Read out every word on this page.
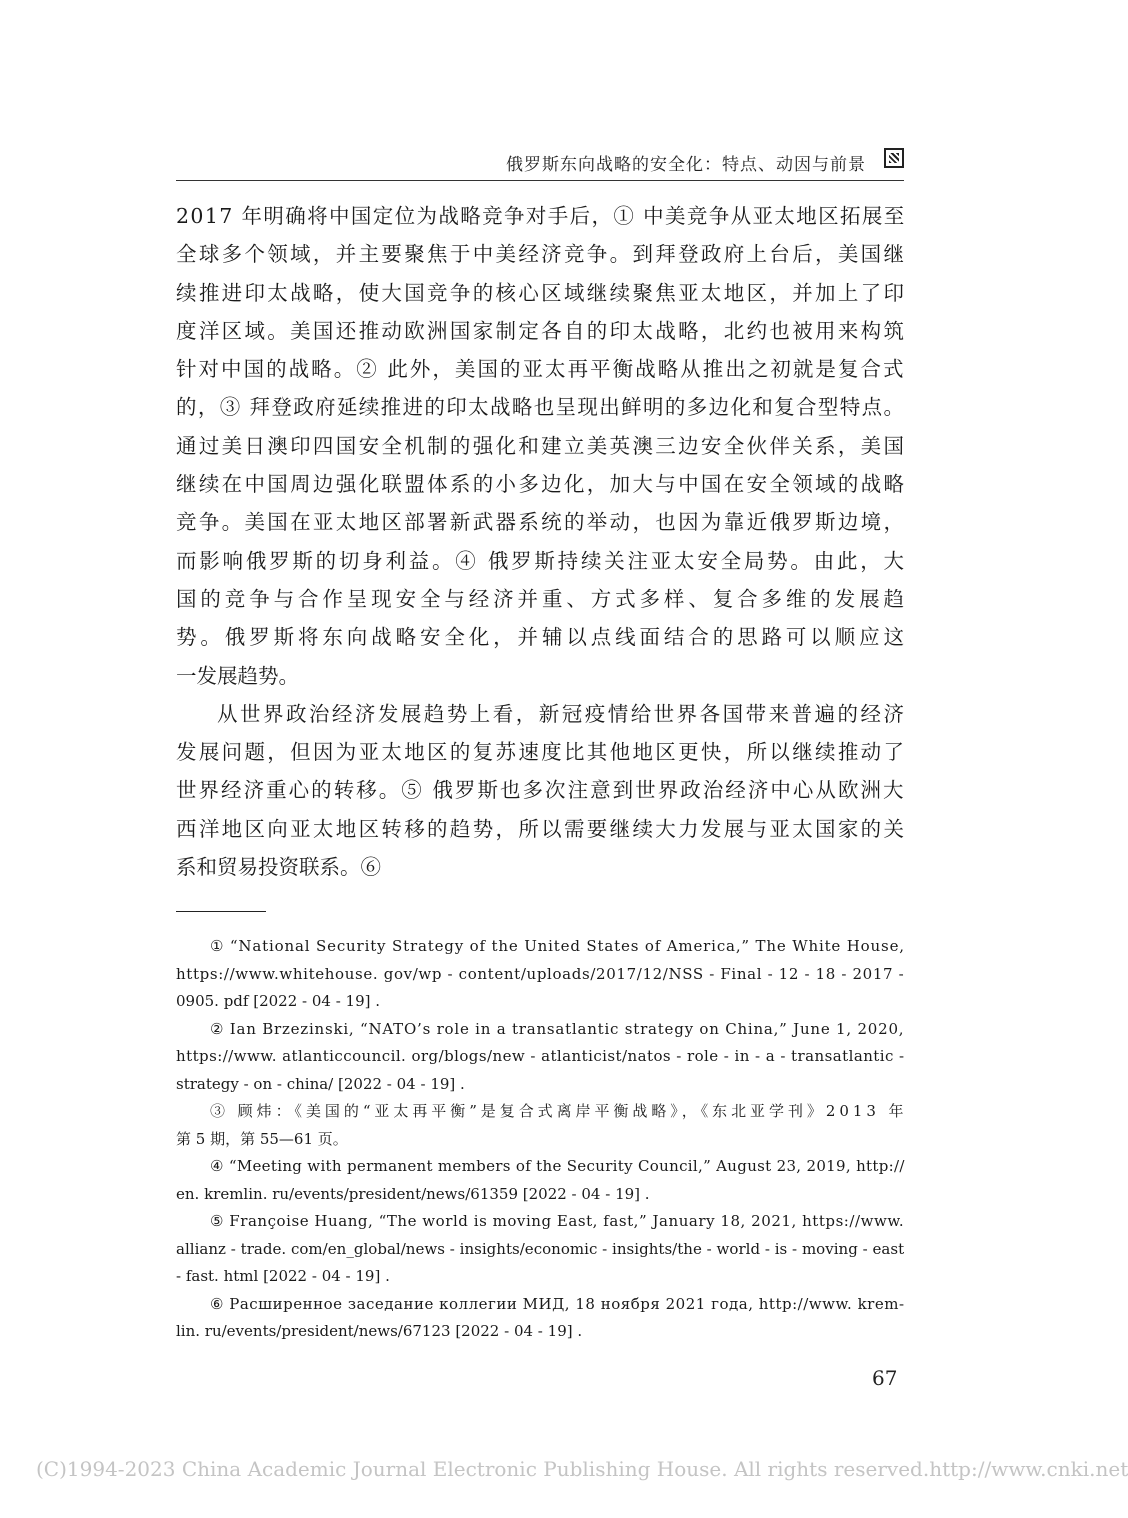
俄罗斯东向战略的安全化：特点、动因与前景
2017 年明确将中国定位为战略竞争对手后，① 中美竞争从亚太地区拓展至
全球多个领域，并主要聚焦于中美经济竞争。到拜登政府上台后，美国继
续推进印太战略，使大国竞争的核心区域继续聚焦亚太地区，并加上了印
度洋区域。美国还推动欧洲国家制定各自的印太战略，北约也被用来构筑
针对中国的战略。② 此外，美国的亚太再平衡战略从推出之初就是复合式
的，③ 拜登政府延续推进的印太战略也呈现出鲜明的多边化和复合型特点。
通过美日澳印四国安全机制的强化和建立美英澳三边安全伙伴关系，美国
继续在中国周边强化联盟体系的小多边化，加大与中国在安全领域的战略
竞争。美国在亚太地区部署新武器系统的举动，也因为靠近俄罗斯边境，
而影响俄罗斯的切身利益。④ 俄罗斯持续关注亚太安全局势。由此，大
国的竞争与合作呈现安全与经济并重、方式多样、复合多维的发展趋
势。俄罗斯将东向战略安全化，并辅以点线面结合的思路可以顺应这
一发展趋势。
从世界政治经济发展趋势上看，新冠疫情给世界各国带来普遍的经济
发展问题，但因为亚太地区的复苏速度比其他地区更快，所以继续推动了
世界经济重心的转移。⑤ 俄罗斯也多次注意到世界政治经济中心从欧洲大
西洋地区向亚太地区转移的趋势，所以需要继续大力发展与亚太国家的关
系和贸易投资联系。⑥
① “National Security Strategy of the United States of America,” The White House,
https://www.whitehouse. gov/wp - content/uploads/2017/12/NSS - Final - 12 - 18 - 2017 -
0905. pdf [2022 - 04 - 19] .
② Ian Brzezinski, “NATO’s role in a transatlantic strategy on China,” June 1, 2020,
https://www. atlanticcouncil. org/blogs/new - atlanticist/natos - role - in - a - transatlantic -
strategy - on - china/ [2022 - 04 - 19] .
③ 顾炜：《美国的“亚太再平衡”是复合式离岸平衡战略》，《东北亚学刊》2013 年
第 5 期，第 55—61 页。
④ “Meeting with permanent members of the Security Council,” August 23, 2019, http://
en. kremlin. ru/events/president/news/61359 [2022 - 04 - 19] .
⑤ Françoise Huang, “The world is moving East, fast,” January 18, 2021, https://www.
allianz - trade. com/en_global/news - insights/economic - insights/the - world - is - moving - east
- fast. html [2022 - 04 - 19] .
⑥ Расширенное заседание коллегии МИД, 18 ноября 2021 года, http://www. krem-
lin. ru/events/president/news/67123 [2022 - 04 - 19] .
67
(C)1994-2023 China Academic Journal Electronic Publishing House. All rights reserved. http://www.cnki.net
